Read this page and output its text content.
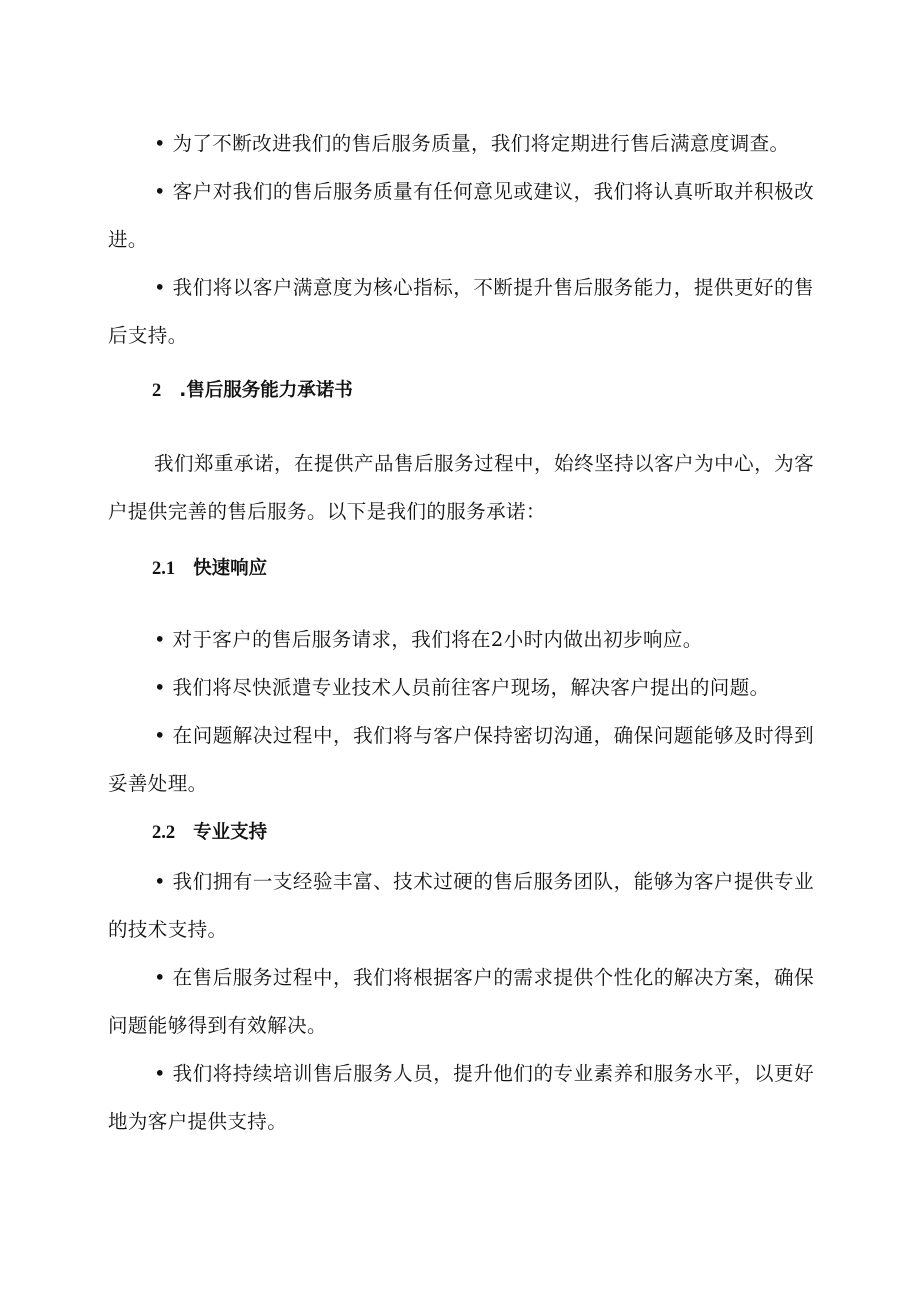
• 为了不断改进我们的售后服务质量，我们将定期进行售后满意度调查。

• 客户对我们的售后服务质量有任何意见或建议，我们将认真听取并积极改进。

• 我们将以客户满意度为核心指标，不断提升售后服务能力，提供更好的售后支持。

2 .售后服务能力承诺书

我们郑重承诺，在提供产品售后服务过程中，始终坚持以客户为中心，为客户提供完善的售后服务。以下是我们的服务承诺：

2.1 快速响应

• 对于客户的售后服务请求，我们将在2小时内做出初步响应。

• 我们将尽快派遣专业技术人员前往客户现场，解决客户提出的问题。

• 在问题解决过程中，我们将与客户保持密切沟通，确保问题能够及时得到妥善处理。

2.2 专业支持

• 我们拥有一支经验丰富、技术过硬的售后服务团队，能够为客户提供专业的技术支持。

• 在售后服务过程中，我们将根据客户的需求提供个性化的解决方案，确保问题能够得到有效解决。

• 我们将持续培训售后服务人员，提升他们的专业素养和服务水平，以更好地为客户提供支持。
